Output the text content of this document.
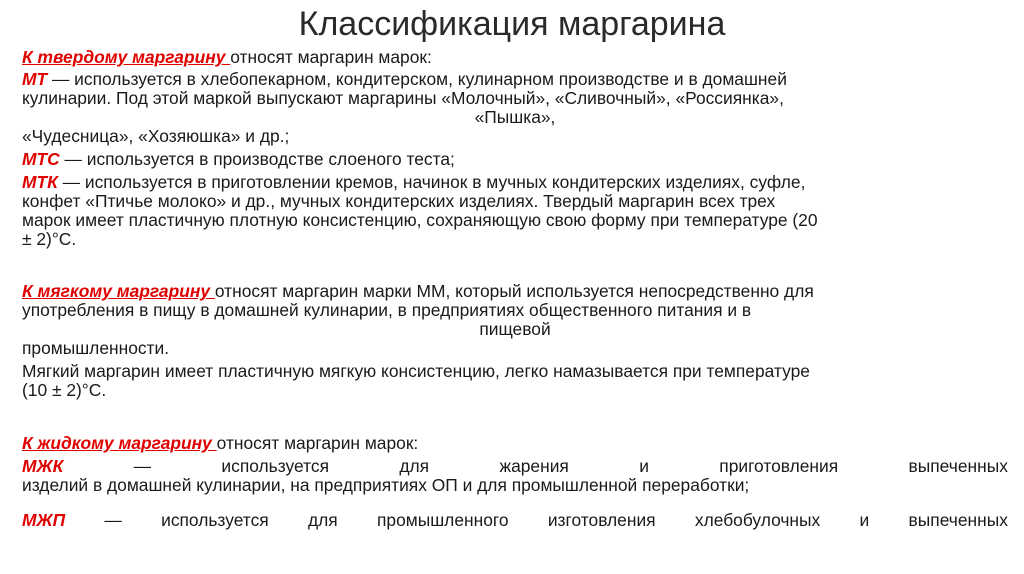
Классификация маргарина

К твердому маргарину относят маргарин марок:

МТ — используется в хлебопекарном, кондитерском, кулинарном производстве и в домашней
кулинарии. Под этой маркой выпускают маргарины «Молочный», «Сливочный», «Россиянка»,
«Пышка»,
«Чудесница», «Хозяюшка» и др.;

МТС — используется в производстве слоеного теста;

МТК — используется в приготовлении кремов, начинок в мучных кондитерских изделиях, суфле,
конфет «Птичье молоко» и др., мучных кондитерских изделиях. Твердый маргарин всех трех
марок имеет пластичную плотную консистенцию, сохраняющую свою форму при температуре (20
± 2)°С.

К мягкому маргарину относят маргарин марки ММ, который используется непосредственно для
употребления в пищу в домашней кулинарии, в предприятиях общественного питания и в
пищевой
промышленности.

Мягкий маргарин имеет пластичную мягкую консистенцию, легко намазывается при температуре
(10 ± 2)°С.

К жидкому маргарину относят маргарин марок:

МЖК	—	используется	для	жарения	и	приготовления	выпеченных
изделий в домашней кулинарии, на предприятиях ОП и для промышленной переработки;

МЖП — используется для промышленного изготовления хлебобулочных и выпеченных
